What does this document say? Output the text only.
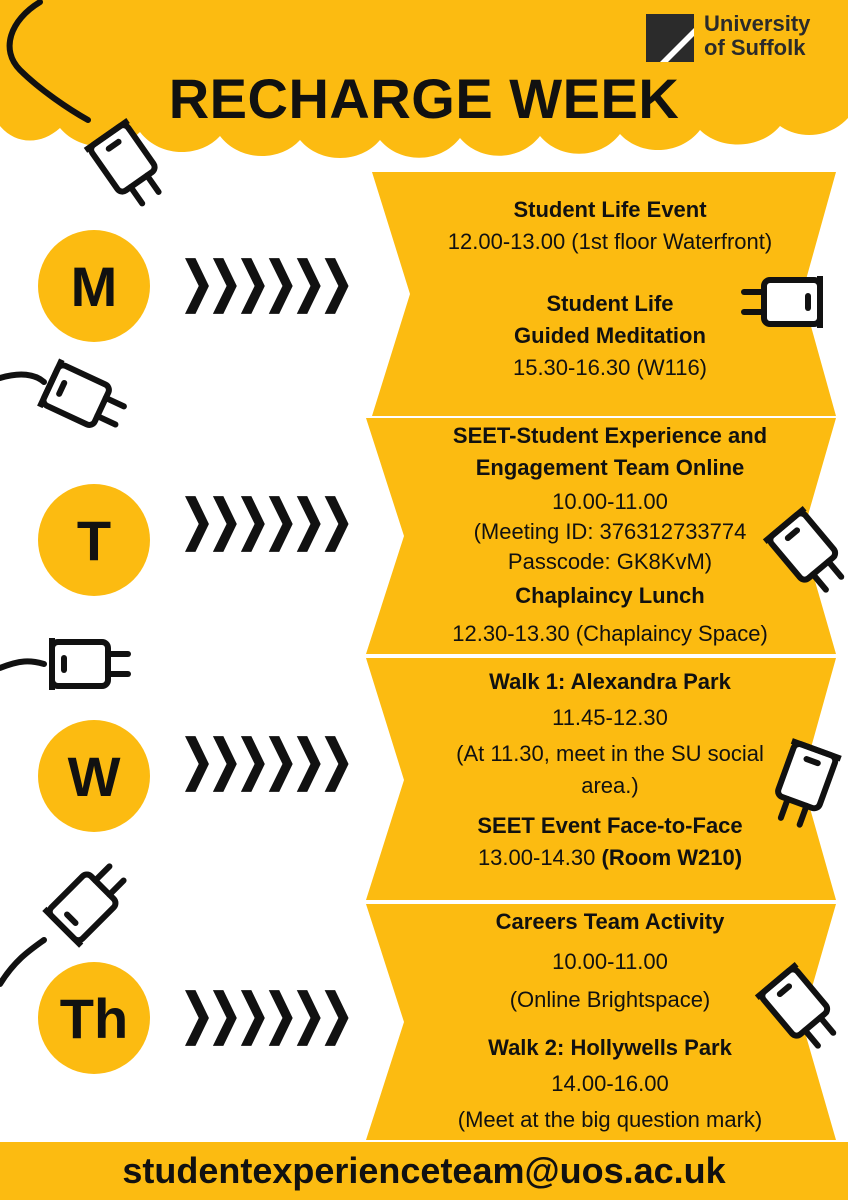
University
of Suffolk
RECHARGE WEEK
M
T
W
Th
❯❯❯❯❯❯
❯❯❯❯❯❯
❯❯❯❯❯❯
❯❯❯❯❯❯
Student Life Event
12.00-13.00 (1st floor Waterfront)
Student Life
Guided Meditation
15.30-16.30 (W116)
SEET-Student Experience and
Engagement Team Online
10.00-11.00
(Meeting ID: 376312733774
Passcode: GK8KvM)
Chaplaincy Lunch
12.30-13.30 (Chaplaincy Space)
Walk 1: Alexandra Park
11.45-12.30
(At 11.30, meet in the SU social
area.)
SEET Event Face-to-Face
13.00-14.30 (Room W210)
Careers Team Activity
10.00-11.00
(Online Brightspace)
Walk 2: Hollywells Park
14.00-16.00
(Meet at the big question mark)
studentexperienceteam@uos.ac.uk
